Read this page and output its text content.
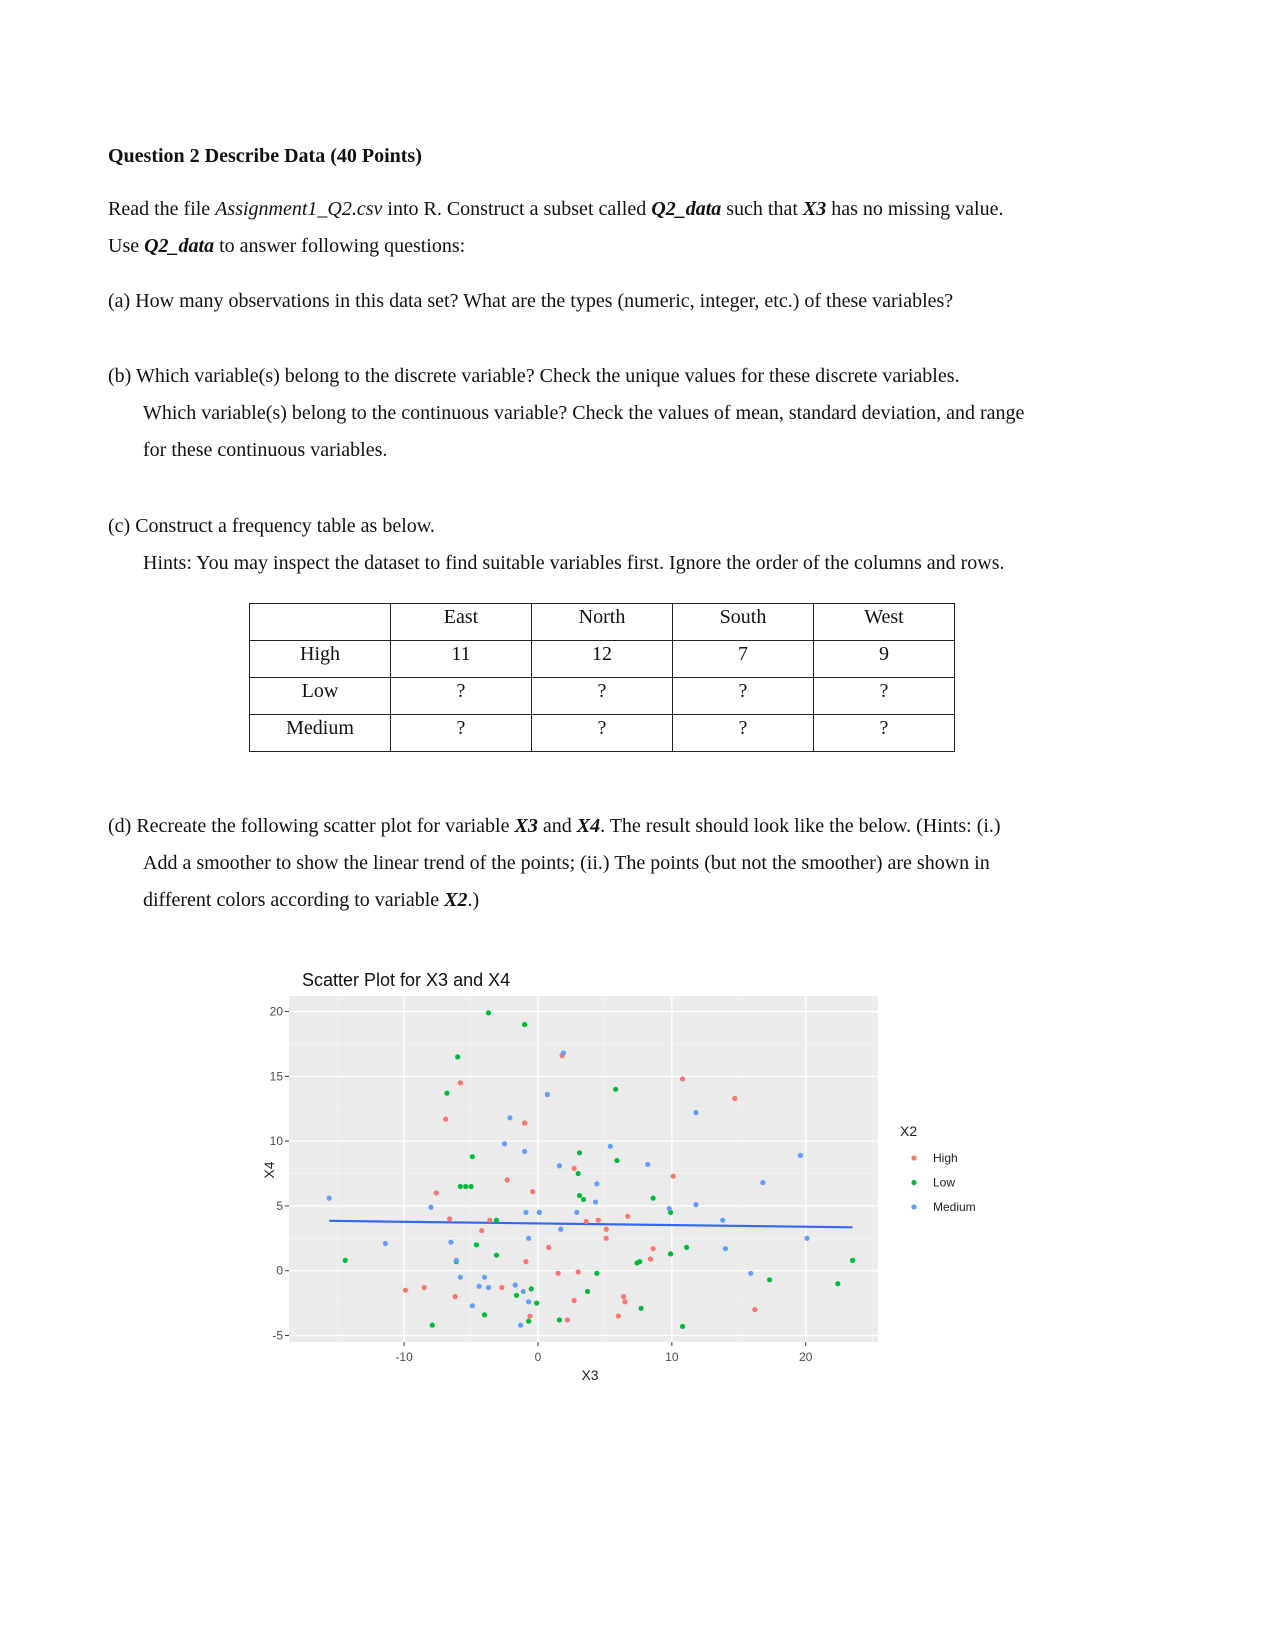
Question 2 Describe Data (40 Points)
Read the file Assignment1_Q2.csv into R. Construct a subset called Q2_data such that X3 has no missing value.
Use Q2_data to answer following questions:
(a) How many observations in this data set? What are the types (numeric, integer, etc.) of these variables?
(b) Which variable(s) belong to the discrete variable? Check the unique values for these discrete variables.
Which variable(s) belong to the continuous variable? Check the values of mean, standard deviation, and range
for these continuous variables.
(c) Construct a frequency table as below.
Hints: You may inspect the dataset to find suitable variables first. Ignore the order of the columns and rows.
	East	North	South	West
High	11	12	7	9
Low	?	?	?	?
Medium	?	?	?	?
(d) Recreate the following scatter plot for variable X3 and X4. The result should look like the below. (Hints: (i.)
Add a smoother to show the linear trend of the points; (ii.) The points (but not the smoother) are shown in
different colors according to variable X2.)
Scatter Plot for X3 and X4
-10	0	10	20
-5
0
5
10
15
20
X3
X4
X2
High
Low
Medium
